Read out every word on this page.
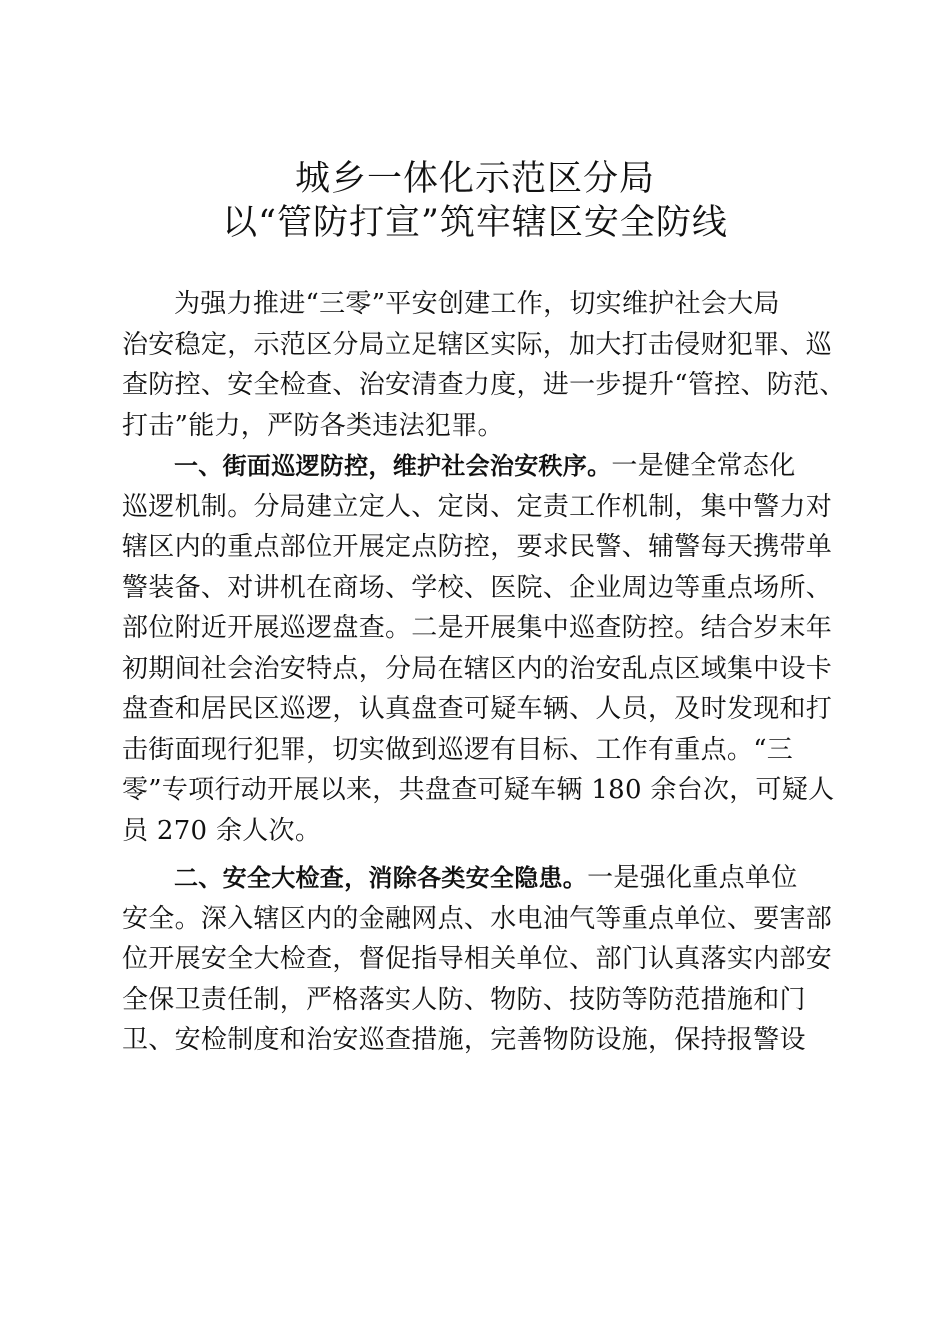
城乡一体化示范区分局
以“管防打宣”筑牢辖区安全防线
为强力推进“三零”平安创建工作，切实维护社会大局
治安稳定，示范区分局立足辖区实际，加大打击侵财犯罪、巡
查防控、安全检查、治安清查力度，进一步提升“管控、防范、
打击”能力，严防各类违法犯罪。
一、街面巡逻防控，维护社会治安秩序。一是健全常态化
巡逻机制。分局建立定人、定岗、定责工作机制，集中警力对
辖区内的重点部位开展定点防控，要求民警、辅警每天携带单
警装备、对讲机在商场、学校、医院、企业周边等重点场所、
部位附近开展巡逻盘查。二是开展集中巡查防控。结合岁末年
初期间社会治安特点，分局在辖区内的治安乱点区域集中设卡
盘查和居民区巡逻，认真盘查可疑车辆、人员，及时发现和打
击街面现行犯罪，切实做到巡逻有目标、工作有重点。“三
零”专项行动开展以来，共盘查可疑车辆 180 余台次，可疑人
员 270 余人次。
二、安全大检查，消除各类安全隐患。一是强化重点单位
安全。深入辖区内的金融网点、水电油气等重点单位、要害部
位开展安全大检查，督促指导相关单位、部门认真落实内部安
全保卫责任制，严格落实人防、物防、技防等防范措施和门
卫、安检制度和治安巡查措施，完善物防设施，保持报警设
